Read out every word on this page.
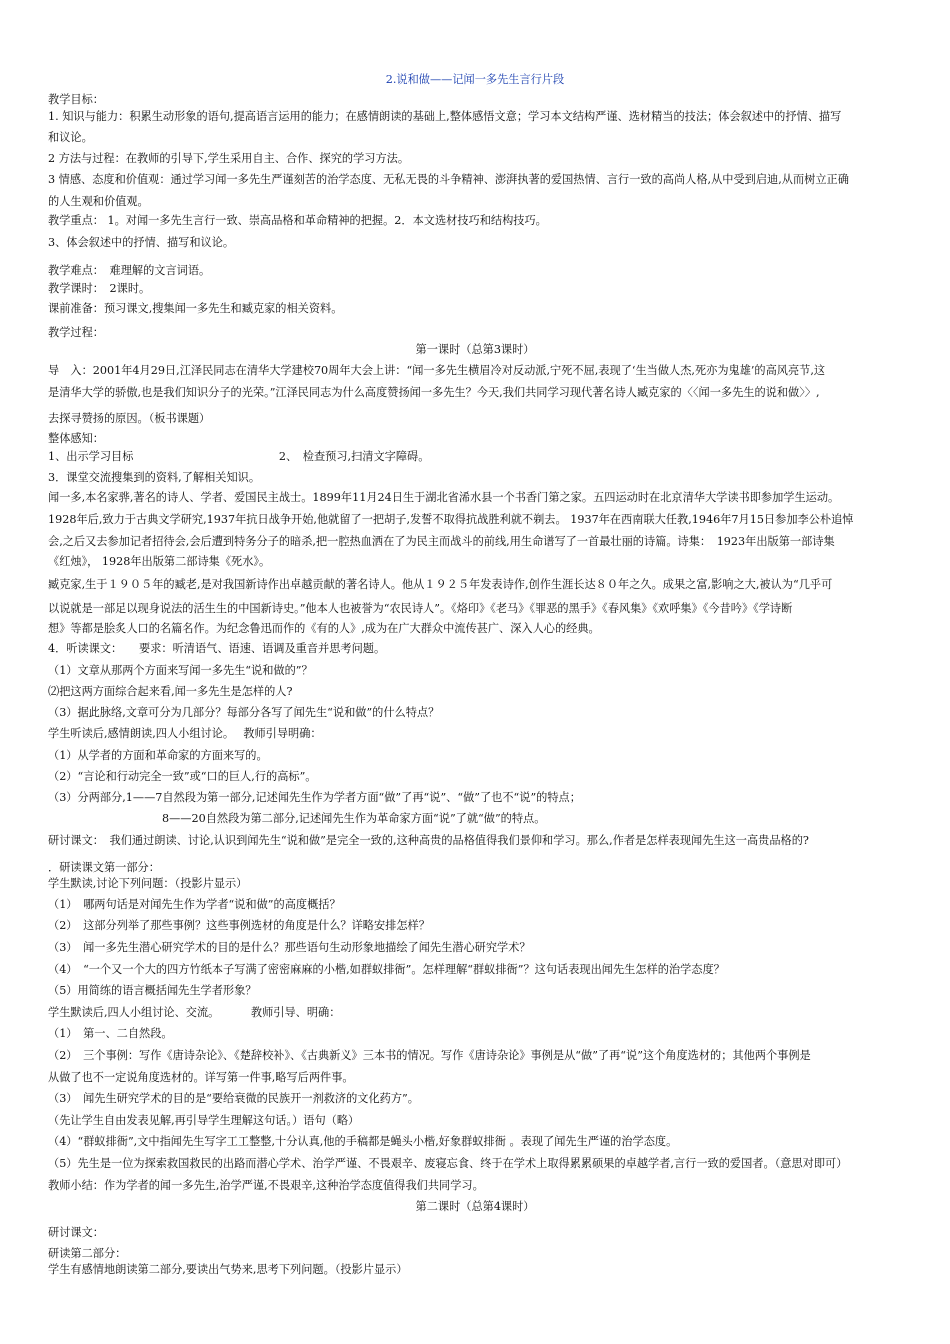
2.说和做——记闻一多先生言行片段
教学目标：
1. 知识与能力：积累生动形象的语句,提高语言运用的能力；在感情朗读的基础上,整体感悟文意；学习本文结构严谨、选材精当的技法；体会叙述中的抒情、描写
和议论。
2 方法与过程：在教师的引导下,学生采用自主、合作、探究的学习方法。
3 情感、态度和价值观：通过学习闻一多先生严谨刻苦的治学态度、无私无畏的斗争精神、澎湃执著的爱国热情、言行一致的高尚人格,从中受到启迪,从而树立正确
的人生观和价值观。
教学重点： 1。对闻一多先生言行一致、崇高品格和革命精神的把握。2．本文选材技巧和结构技巧。
3、体会叙述中的抒情、描写和议论。
教学难点：　难理解的文言词语。
教学课时：　2课时。
课前准备：预习课文,搜集闻一多先生和臧克家的相关资料。
教学过程：
第一课时（总第3课时）
导　入：2001年4月29日,江泽民同志在清华大学建校70周年大会上讲：“闻一多先生横眉冷对反动派,宁死不屈,表现了‘生当做人杰,死亦为鬼雄’的高风亮节,这
是清华大学的骄傲,也是我们知识分子的光荣。”江泽民同志为什么高度赞扬闻一多先生？今天,我们共同学习现代著名诗人臧克家的〈〈闻一多先生的说和做〉〉,
去探寻赞扬的原因。（板书课题）
整体感知：
1、出示学习目标　　　　　　　　　　　　　2、　检查预习,扫清文字障碍。
3．课堂交流搜集到的资料,了解相关知识。
闻一多,本名家骅,著名的诗人、学者、爱国民主战士。1899年11月24日生于湖北省浠水县一个书香门第之家。五四运动时在北京清华大学读书即参加学生运动。
1928年后,致力于古典文学研究,1937年抗日战争开始,他就留了一把胡子,发誓不取得抗战胜利就不剃去。 1937年在西南联大任教,1946年7月15日参加李公朴追悼
会,之后又去参加记者招待会,会后遭到特务分子的暗杀,把一腔热血洒在了为民主而战斗的前线,用生命谱写了一首最壮丽的诗篇。诗集：　1923年出版第一部诗集
《红烛》， 1928年出版第二部诗集《死水》。
臧克家,生于１９０５年的臧老,是对我国新诗作出卓越贡献的著名诗人。他从１９２５年发表诗作,创作生涯长达８０年之久。成果之富,影响之大,被认为“几乎可
以说就是一部足以现身说法的活生生的中国新诗史。”他本人也被誉为“农民诗人”。《烙印》《老马》《罪恶的黑手》《春风集》《欢呼集》《今昔吟》《学诗断
想》等都是脍炙人口的名篇名作。为纪念鲁迅而作的《有的人》,成为在广大群众中流传甚广、深入人心的经典。
4．听读课文：　　要求：听清语气、语速、语调及重音并思考问题。
（1）文章从那两个方面来写闻一多先生“说和做的”？
⑵把这两方面综合起来看,闻一多先生是怎样的人?
（3）据此脉络,文章可分为几部分？每部分各写了闻先生“说和做”的什么特点？
学生听读后,感情朗读,四人小组讨论。　 教师引导明确：
（1）从学者的方面和革命家的方面来写的。
（2）“言论和行动完全一致”或“口的巨人,行的高标”。
（3）分两部分,1——7自然段为第一部分,记述闻先生作为学者方面“做”了再“说”、“做”了也不“说”的特点；
8——20自然段为第二部分,记述闻先生作为革命家方面“说”了就“做”的特点。
研讨课文：　我们通过朗读、讨论,认识到闻先生“说和做”是完全一致的,这种高贵的品格值得我们景仰和学习。那么,作者是怎样表现闻先生这一高贵品格的?
．研读课文第一部分：
学生默读,讨论下列问题：（投影片显示）
（1）　哪两句话是对闻先生作为学者“说和做”的高度概括？
（2）　这部分列举了那些事例？这些事例选材的角度是什么？详略安排怎样？
（3）　闻一多先生潜心研究学术的目的是什么？那些语句生动形象地描绘了闻先生潜心研究学术？
（4）　“一个又一个大的四方竹纸本子写满了密密麻麻的小楷,如群蚁排衙”。怎样理解“群蚁排衙”？这句话表现出闻先生怎样的治学态度？
（5）用简练的语言概括闻先生学者形象？
学生默读后,四人小组讨论、交流。　　　 教师引导、明确：
（1）　第一、二自然段。
（2）　三个事例：写作《唐诗杂论》、《楚辞校补》、《古典新义》三本书的情况。写作《唐诗杂论》事例是从“做”了再“说”这个角度选材的；其他两个事例是
从做了也不一定说角度选材的。详写第一件事,略写后两件事。
（3）　闻先生研究学术的目的是“要给衰微的民族开一剂救济的文化药方”。
（先让学生自由发表见解,再引导学生理解这句话。）语句（略）
（4）“群蚁排衙”,文中指闻先生写字工工整整,十分认真,他的手稿都是蝇头小楷,好象群蚁排衙 。表现了闻先生严谨的治学态度。
（5）先生是一位为探索救国救民的出路而潜心学术、治学严谨、不畏艰辛、废寝忘食、终于在学术上取得累累硕果的卓越学者,言行一致的爱国者。（意思对即可）
教师小结：作为学者的闻一多先生,治学严谨,不畏艰辛,这种治学态度值得我们共同学习。
第二课时（总第4课时）
研讨课文：
研读第二部分：
学生有感情地朗读第二部分,要读出气势来,思考下列问题。（投影片显示）
